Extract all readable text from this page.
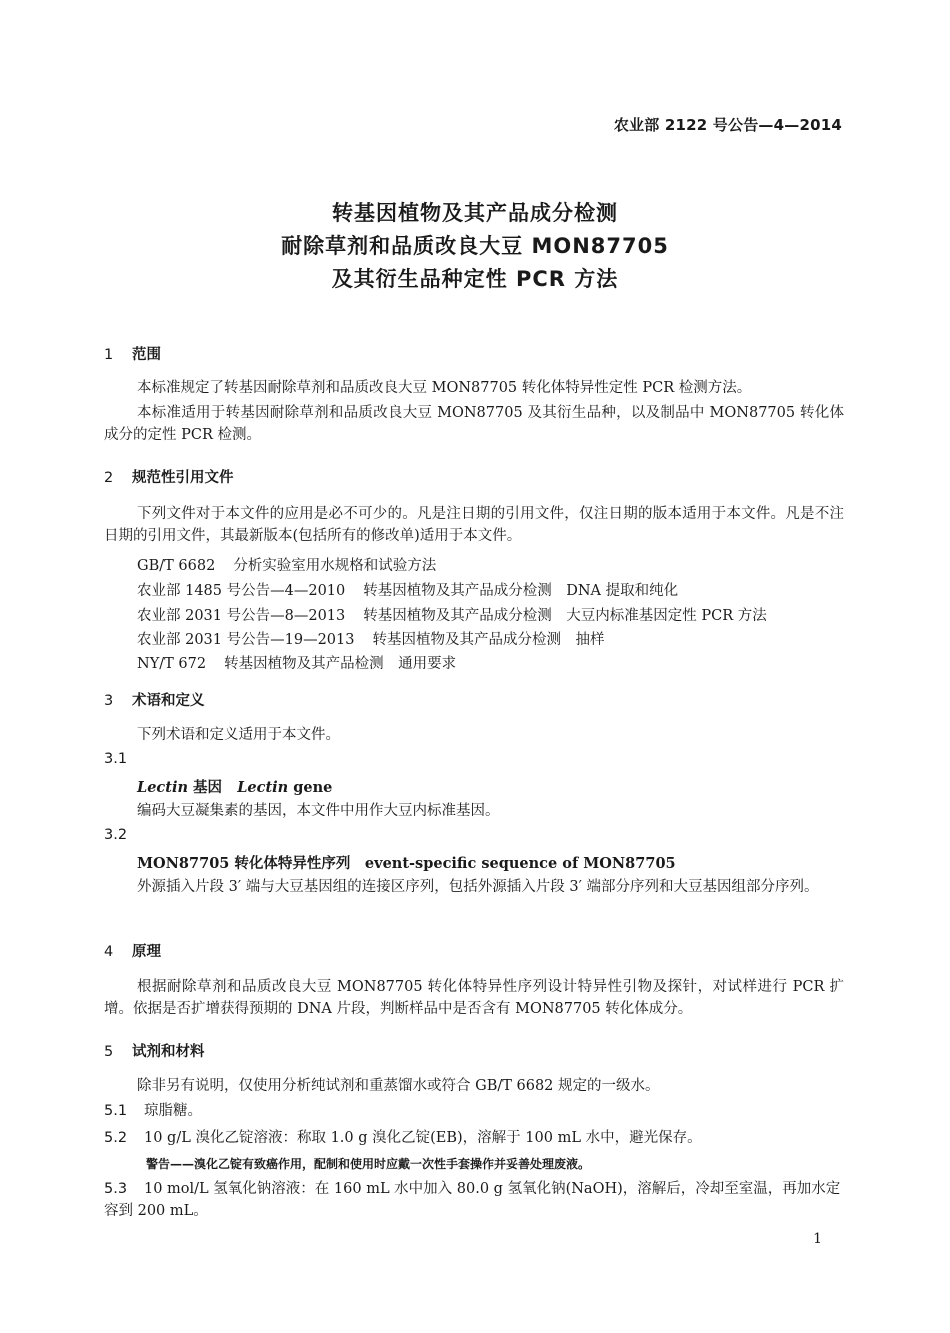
农业部 2122 号公告—4—2014
转基因植物及其产品成分检测
耐除草剂和品质改良大豆 MON87705
及其衍生品种定性 PCR 方法
1 范围
本标准规定了转基因耐除草剂和品质改良大豆 MON87705 转化体特异性定性 PCR 检测方法。
本标准适用于转基因耐除草剂和品质改良大豆 MON87705 及其衍生品种，以及制品中 MON87705 转化体成分的定性 PCR 检测。
2 规范性引用文件
下列文件对于本文件的应用是必不可少的。凡是注日期的引用文件，仅注日期的版本适用于本文件。凡是不注日期的引用文件，其最新版本(包括所有的修改单)适用于本文件。
GB/T 6682 分析实验室用水规格和试验方法
农业部 1485 号公告—4—2010 转基因植物及其产品成分检测　DNA 提取和纯化
农业部 2031 号公告—8—2013 转基因植物及其产品成分检测　大豆内标准基因定性 PCR 方法
农业部 2031 号公告—19—2013 转基因植物及其产品成分检测　抽样
NY/T 672 转基因植物及其产品检测　通用要求
3 术语和定义
下列术语和定义适用于本文件。
3.1
Lectin 基因 Lectin gene
编码大豆凝集素的基因，本文件中用作大豆内标准基因。
3.2
MON87705 转化体特异性序列　event-specific sequence of MON87705
外源插入片段 3′ 端与大豆基因组的连接区序列，包括外源插入片段 3′ 端部分序列和大豆基因组部分序列。
4 原理
根据耐除草剂和品质改良大豆 MON87705 转化体特异性序列设计特异性引物及探针，对试样进行 PCR 扩增。依据是否扩增获得预期的 DNA 片段，判断样品中是否含有 MON87705 转化体成分。
5 试剂和材料
除非另有说明，仅使用分析纯试剂和重蒸馏水或符合 GB/T 6682 规定的一级水。
5.1 琼脂糖。
5.2 10 g/L 溴化乙锭溶液：称取 1.0 g 溴化乙锭(EB)，溶解于 100 mL 水中，避光保存。
警告——溴化乙锭有致癌作用，配制和使用时应戴一次性手套操作并妥善处理废液。
5.3 10 mol/L 氢氧化钠溶液：在 160 mL 水中加入 80.0 g 氢氧化钠(NaOH)，溶解后，冷却至室温，再加水定容到 200 mL。
1
